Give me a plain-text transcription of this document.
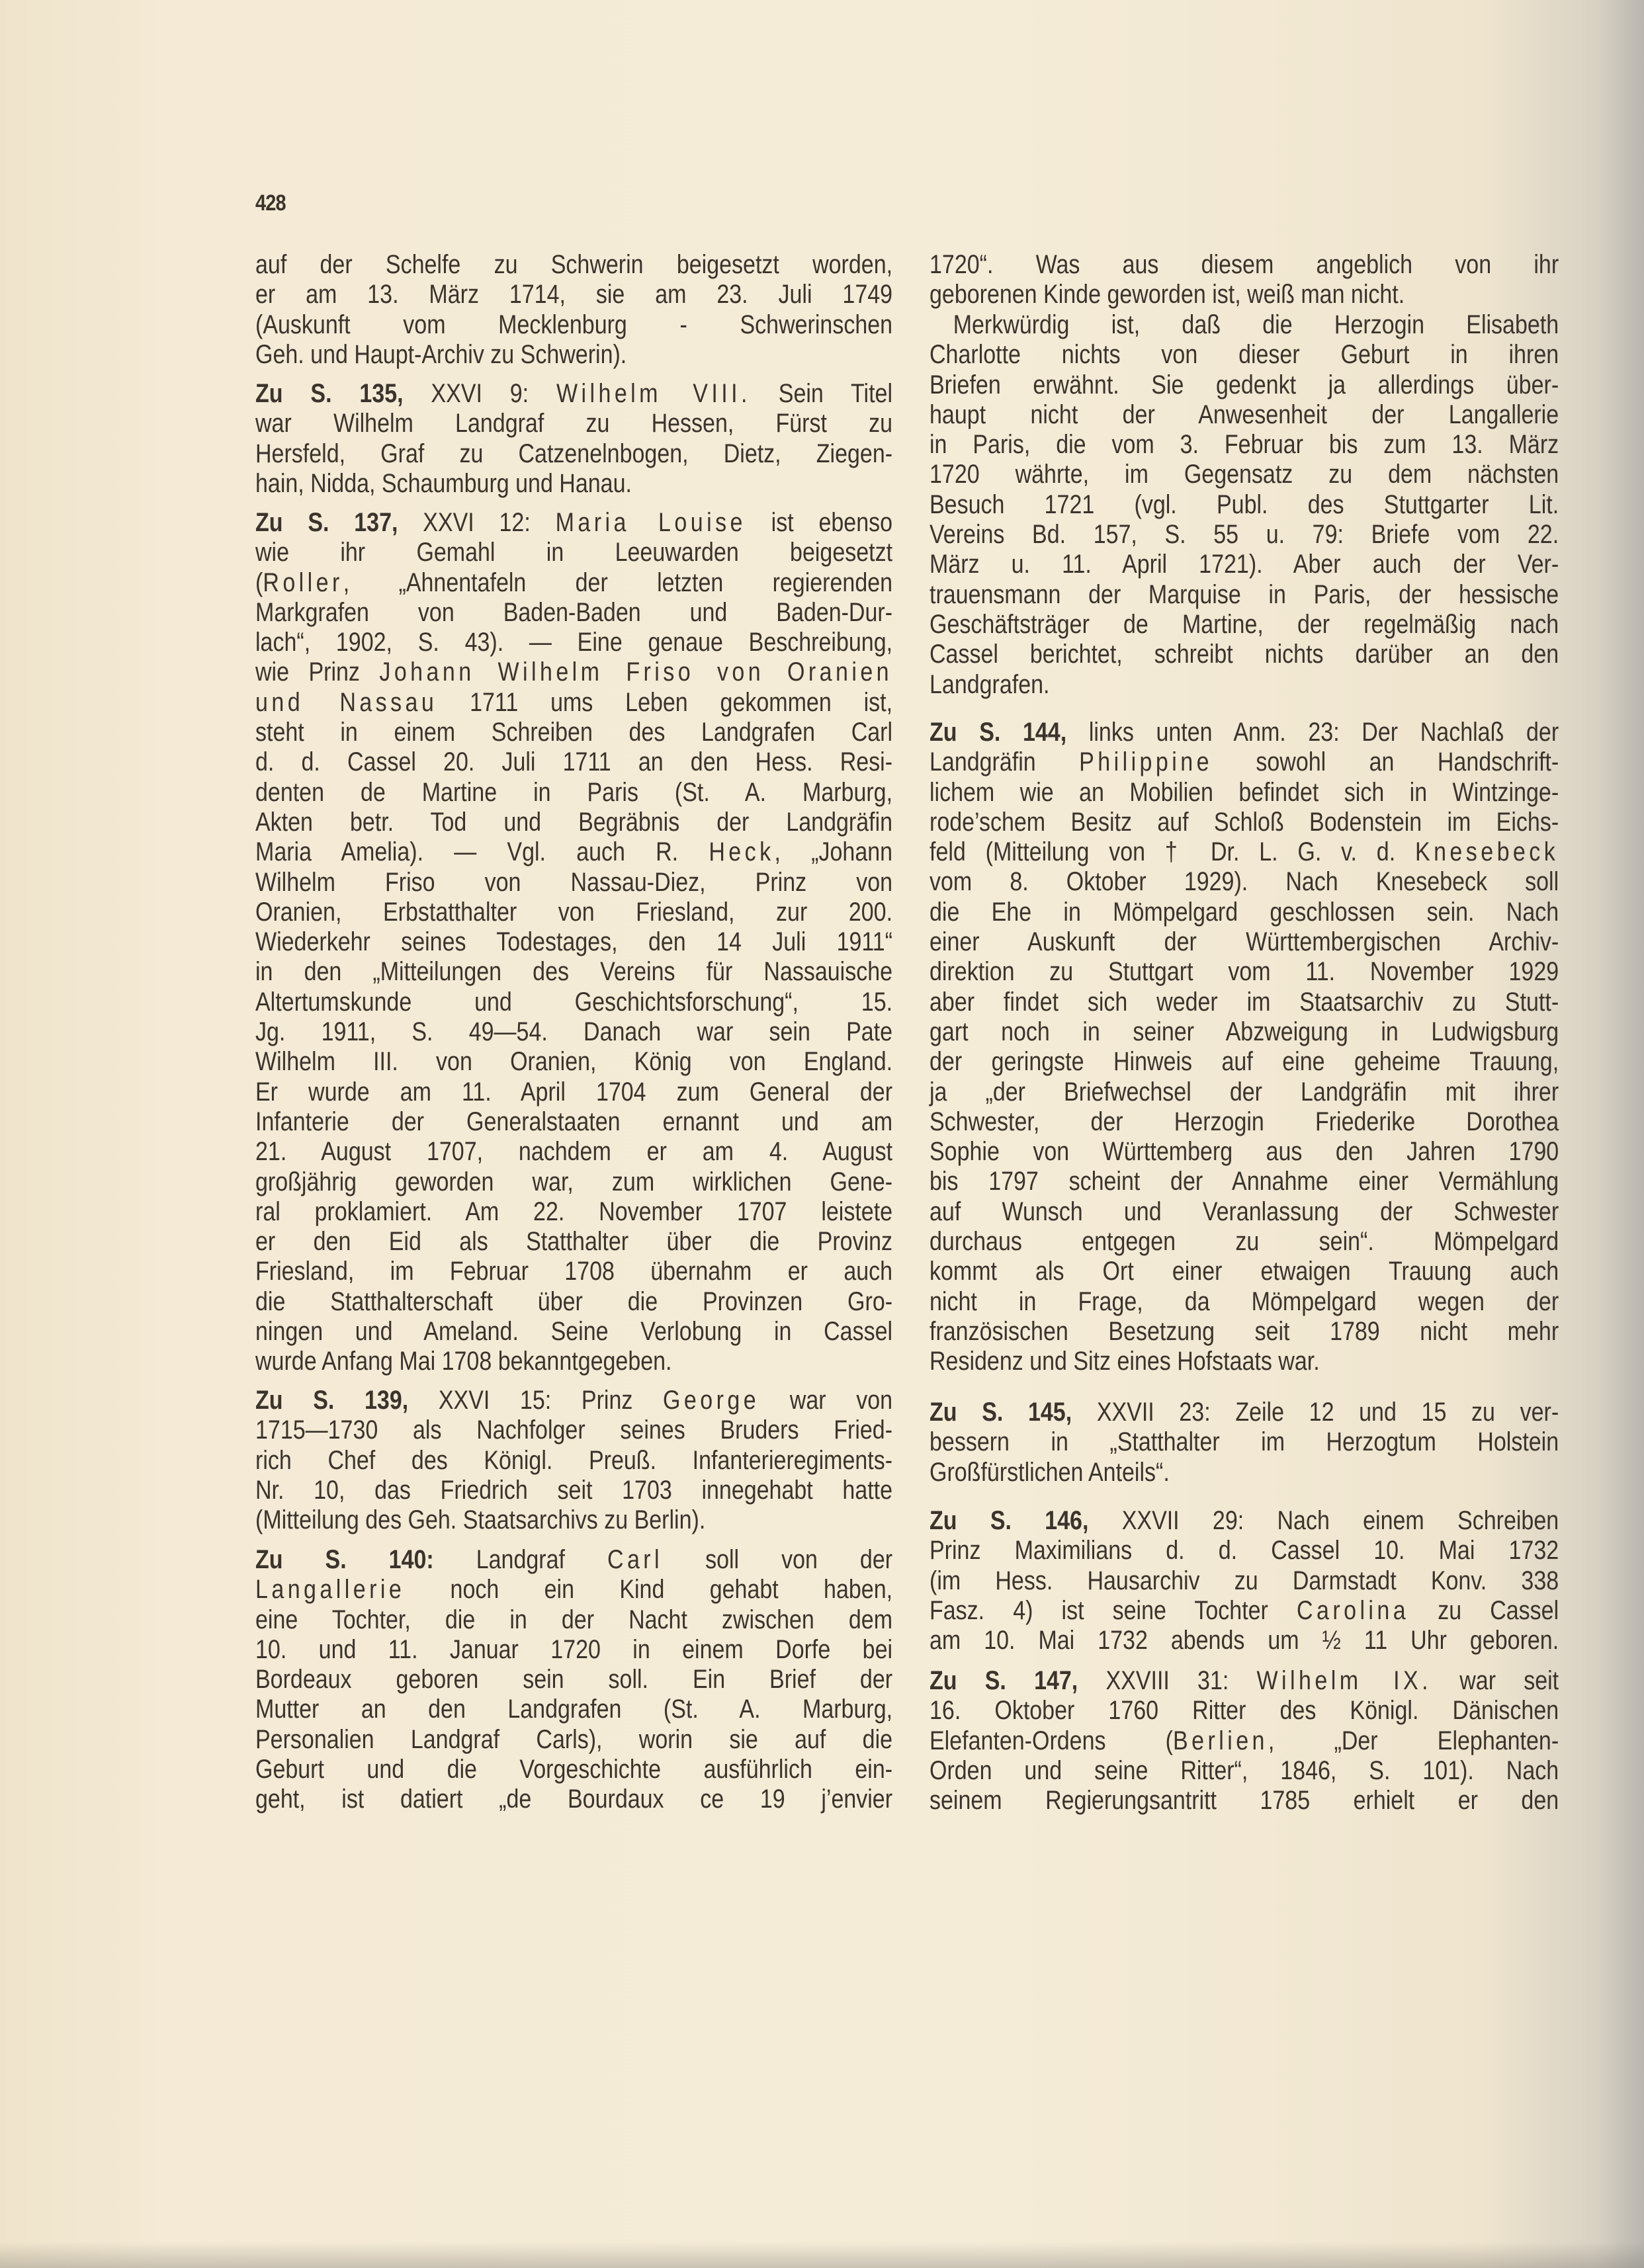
428
auf der Schelfe zu Schwerin beigesetzt worden,
er am 13. März 1714, sie am 23. Juli 1749
(Auskunft vom Mecklenburg - Schwerinschen
Geh. und Haupt-Archiv zu Schwerin).
Zu S. 135, XXVI 9: Wilhelm VIII. Sein Titel
war Wilhelm Landgraf zu Hessen, Fürst zu
Hersfeld, Graf zu Catzenelnbogen, Dietz, Ziegen-
hain, Nidda, Schaumburg und Hanau.
Zu S. 137, XXVI 12: Maria Louise ist ebenso
wie ihr Gemahl in Leeuwarden beigesetzt
(Roller, „Ahnentafeln der letzten regierenden
Markgrafen von Baden-Baden und Baden-Dur-
lach“, 1902, S. 43). — Eine genaue Beschreibung,
wie Prinz Johann Wilhelm Friso von Oranien
und Nassau 1711 ums Leben gekommen ist,
steht in einem Schreiben des Landgrafen Carl
d. d. Cassel 20. Juli 1711 an den Hess. Resi-
denten de Martine in Paris (St. A. Marburg,
Akten betr. Tod und Begräbnis der Landgräfin
Maria Amelia). — Vgl. auch R. Heck, „Johann
Wilhelm Friso von Nassau-Diez, Prinz von
Oranien, Erbstatthalter von Friesland, zur 200.
Wiederkehr seines Todestages, den 14 Juli 1911“
in den „Mitteilungen des Vereins für Nassauische
Altertumskunde und Geschichtsforschung“, 15.
Jg. 1911, S. 49—54. Danach war sein Pate
Wilhelm III. von Oranien, König von England.
Er wurde am 11. April 1704 zum General der
Infanterie der Generalstaaten ernannt und am
21. August 1707, nachdem er am 4. August
großjährig geworden war, zum wirklichen Gene-
ral proklamiert. Am 22. November 1707 leistete
er den Eid als Statthalter über die Provinz
Friesland, im Februar 1708 übernahm er auch
die Statthalterschaft über die Provinzen Gro-
ningen und Ameland. Seine Verlobung in Cassel
wurde Anfang Mai 1708 bekanntgegeben.
Zu S. 139, XXVI 15: Prinz George war von
1715—1730 als Nachfolger seines Bruders Fried-
rich Chef des Königl. Preuß. Infanterieregiments-
Nr. 10, das Friedrich seit 1703 innegehabt hatte
(Mitteilung des Geh. Staatsarchivs zu Berlin).
Zu S. 140: Landgraf Carl soll von der
Langallerie noch ein Kind gehabt haben,
eine Tochter, die in der Nacht zwischen dem
10. und 11. Januar 1720 in einem Dorfe bei
Bordeaux geboren sein soll. Ein Brief der
Mutter an den Landgrafen (St. A. Marburg,
Personalien Landgraf Carls), worin sie auf die
Geburt und die Vorgeschichte ausführlich ein-
geht, ist datiert „de Bourdaux ce 19 j’envier
1720“. Was aus diesem angeblich von ihr
geborenen Kinde geworden ist, weiß man nicht.
Merkwürdig ist, daß die Herzogin Elisabeth
Charlotte nichts von dieser Geburt in ihren
Briefen erwähnt. Sie gedenkt ja allerdings über-
haupt nicht der Anwesenheit der Langallerie
in Paris, die vom 3. Februar bis zum 13. März
1720 währte, im Gegensatz zu dem nächsten
Besuch 1721 (vgl. Publ. des Stuttgarter Lit.
Vereins Bd. 157, S. 55 u. 79: Briefe vom 22.
März u. 11. April 1721). Aber auch der Ver-
trauensmann der Marquise in Paris, der hessische
Geschäftsträger de Martine, der regelmäßig nach
Cassel berichtet, schreibt nichts darüber an den
Landgrafen.
Zu S. 144, links unten Anm. 23: Der Nachlaß der
Landgräfin Philippine sowohl an Handschrift-
lichem wie an Mobilien befindet sich in Wintzinge-
rode’schem Besitz auf Schloß Bodenstein im Eichs-
feld (Mitteilung von † Dr. L. G. v. d. Knesebeck
vom 8. Oktober 1929). Nach Knesebeck soll
die Ehe in Mömpelgard geschlossen sein. Nach
einer Auskunft der Württembergischen Archiv-
direktion zu Stuttgart vom 11. November 1929
aber findet sich weder im Staatsarchiv zu Stutt-
gart noch in seiner Abzweigung in Ludwigsburg
der geringste Hinweis auf eine geheime Trauung,
ja „der Briefwechsel der Landgräfin mit ihrer
Schwester, der Herzogin Friederike Dorothea
Sophie von Württemberg aus den Jahren 1790
bis 1797 scheint der Annahme einer Vermählung
auf Wunsch und Veranlassung der Schwester
durchaus entgegen zu sein“. Mömpelgard
kommt als Ort einer etwaigen Trauung auch
nicht in Frage, da Mömpelgard wegen der
französischen Besetzung seit 1789 nicht mehr
Residenz und Sitz eines Hofstaats war.
Zu S. 145, XXVII 23: Zeile 12 und 15 zu ver-
bessern in „Statthalter im Herzogtum Holstein
Großfürstlichen Anteils“.
Zu S. 146, XXVII 29: Nach einem Schreiben
Prinz Maximilians d. d. Cassel 10. Mai 1732
(im Hess. Hausarchiv zu Darmstadt Konv. 338
Fasz. 4) ist seine Tochter Carolina zu Cassel
am 10. Mai 1732 abends um ½ 11 Uhr geboren.
Zu S. 147, XXVIII 31: Wilhelm IX. war seit
16. Oktober 1760 Ritter des Königl. Dänischen
Elefanten-Ordens (Berlien, „Der Elephanten-
Orden und seine Ritter“, 1846, S. 101). Nach
seinem Regierungsantritt 1785 erhielt er den
